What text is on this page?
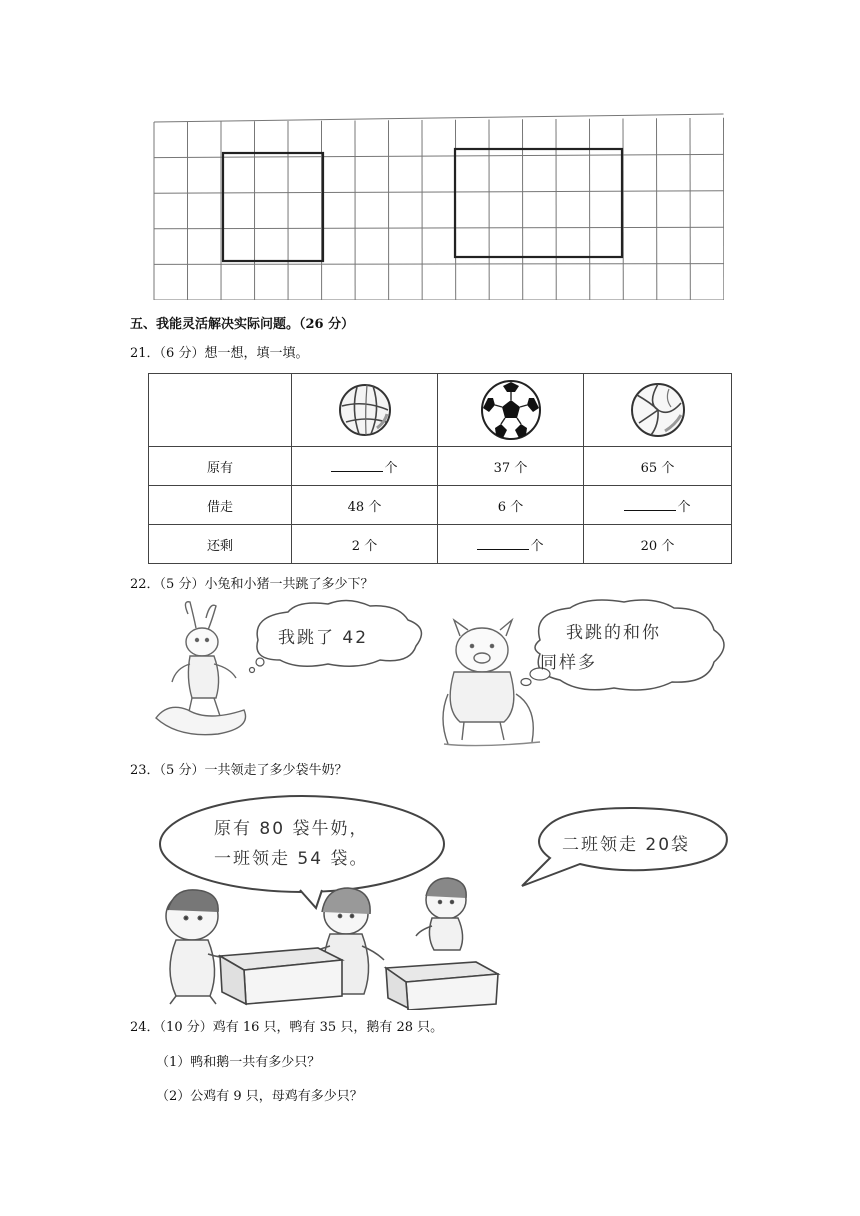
五、我能灵活解决实际问题。（26 分）
21．（6 分）想一想，填一填。

原有	个	37 个	65 个
借走	48 个	6 个	个
还剩	2 个	个	20 个
22．（5 分）小兔和小猪一共跳了多少下？
我跳了 42	我跳的和你
同样多
23．（5 分）一共领走了多少袋牛奶？
原有 80 袋牛奶，
一班领走 54 袋。
二班领走 20袋
24．（10 分）鸡有 16 只，鸭有 35 只，鹅有 28 只。
（1）鸭和鹅一共有多少只？
（2）公鸡有 9 只，母鸡有多少只？
